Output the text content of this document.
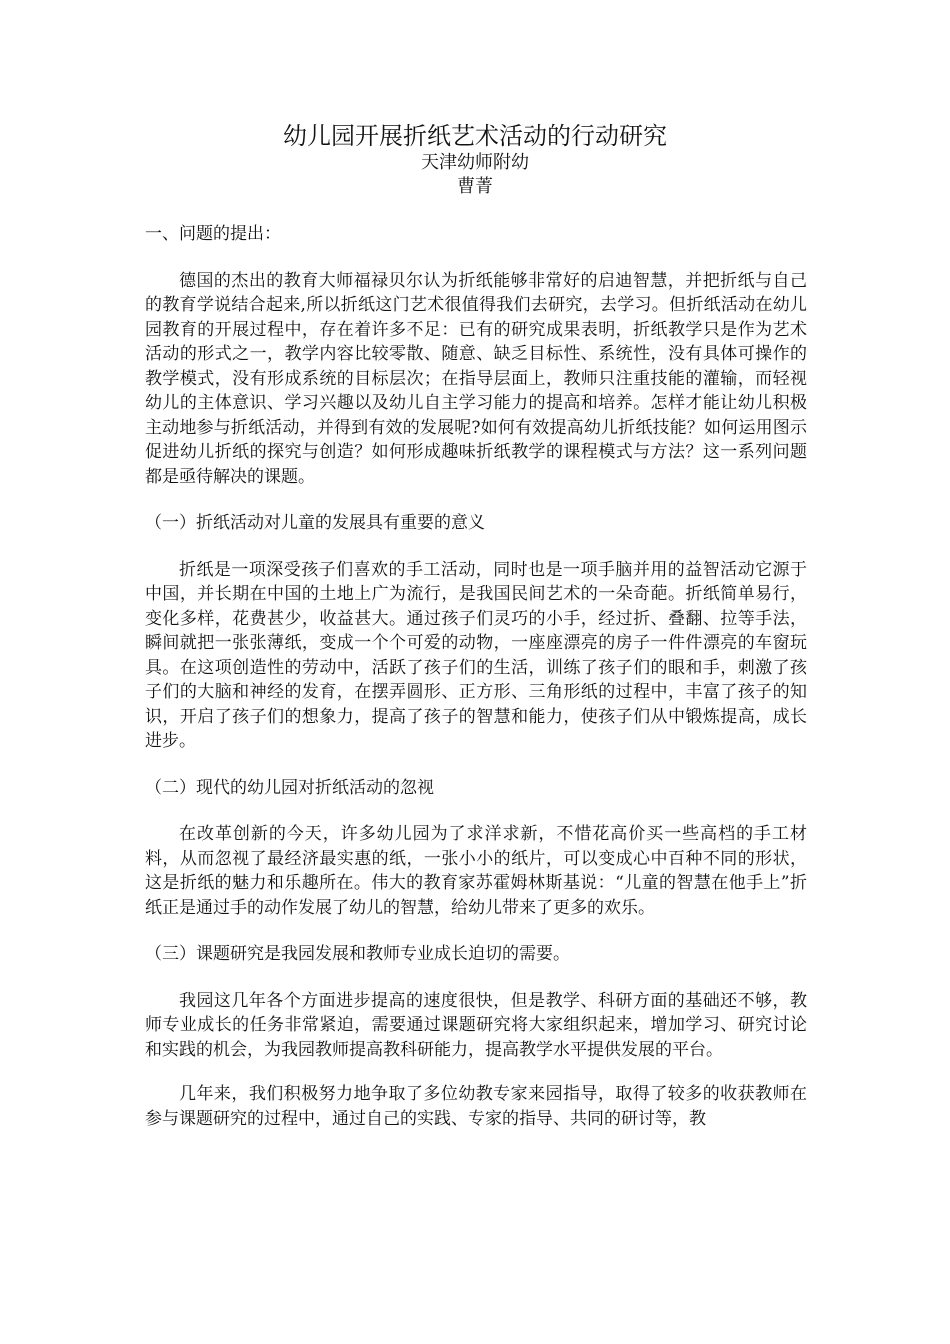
幼儿园开展折纸艺术活动的行动研究

天津幼师附幼

曹菁

一、问题的提出：

德国的杰出的教育大师福禄贝尔认为折纸能够非常好的启迪智慧，并把折纸与自己的教育学说结合起来,所以折纸这门艺术很值得我们去研究，去学习。但折纸活动在幼儿园教育的开展过程中，存在着许多不足：已有的研究成果表明，折纸教学只是作为艺术活动的形式之一，教学内容比较零散、随意、缺乏目标性、系统性，没有具体可操作的教学模式，没有形成系统的目标层次；在指导层面上，教师只注重技能的灌输，而轻视幼儿的主体意识、学习兴趣以及幼儿自主学习能力的提高和培养。怎样才能让幼儿积极主动地参与折纸活动，并得到有效的发展呢?如何有效提高幼儿折纸技能？如何运用图示促进幼儿折纸的探究与创造？如何形成趣味折纸教学的课程模式与方法？这一系列问题都是亟待解决的课题。

（一）折纸活动对儿童的发展具有重要的意义

折纸是一项深受孩子们喜欢的手工活动，同时也是一项手脑并用的益智活动它源于中国，并长期在中国的土地上广为流行，是我国民间艺术的一朵奇葩。折纸简单易行，变化多样，花费甚少，收益甚大。通过孩子们灵巧的小手，经过折、叠翻、拉等手法，瞬间就把一张张薄纸，变成一个个可爱的动物，一座座漂亮的房子一件件漂亮的车窗玩具。在这项创造性的劳动中，活跃了孩子们的生活，训练了孩子们的眼和手，刺激了孩子们的大脑和神经的发育，在摆弄圆形、正方形、三角形纸的过程中，丰富了孩子的知识，开启了孩子们的想象力，提高了孩子的智慧和能力，使孩子们从中锻炼提高，成长进步。

（二）现代的幼儿园对折纸活动的忽视

在改革创新的今天，许多幼儿园为了求洋求新，不惜花高价买一些高档的手工材料，从而忽视了最经济最实惠的纸，一张小小的纸片，可以变成心中百种不同的形状，这是折纸的魅力和乐趣所在。伟大的教育家苏霍姆林斯基说：“儿童的智慧在他手上”折纸正是通过手的动作发展了幼儿的智慧，给幼儿带来了更多的欢乐。

（三）课题研究是我园发展和教师专业成长迫切的需要。

我园这几年各个方面进步提高的速度很快，但是教学、科研方面的基础还不够，教师专业成长的任务非常紧迫，需要通过课题研究将大家组织起来，增加学习、研究讨论和实践的机会，为我园教师提高教科研能力，提高教学水平提供发展的平台。

几年来，我们积极努力地争取了多位幼教专家来园指导，取得了较多的收获教师在参与课题研究的过程中，通过自己的实践、专家的指导、共同的研讨等，教
